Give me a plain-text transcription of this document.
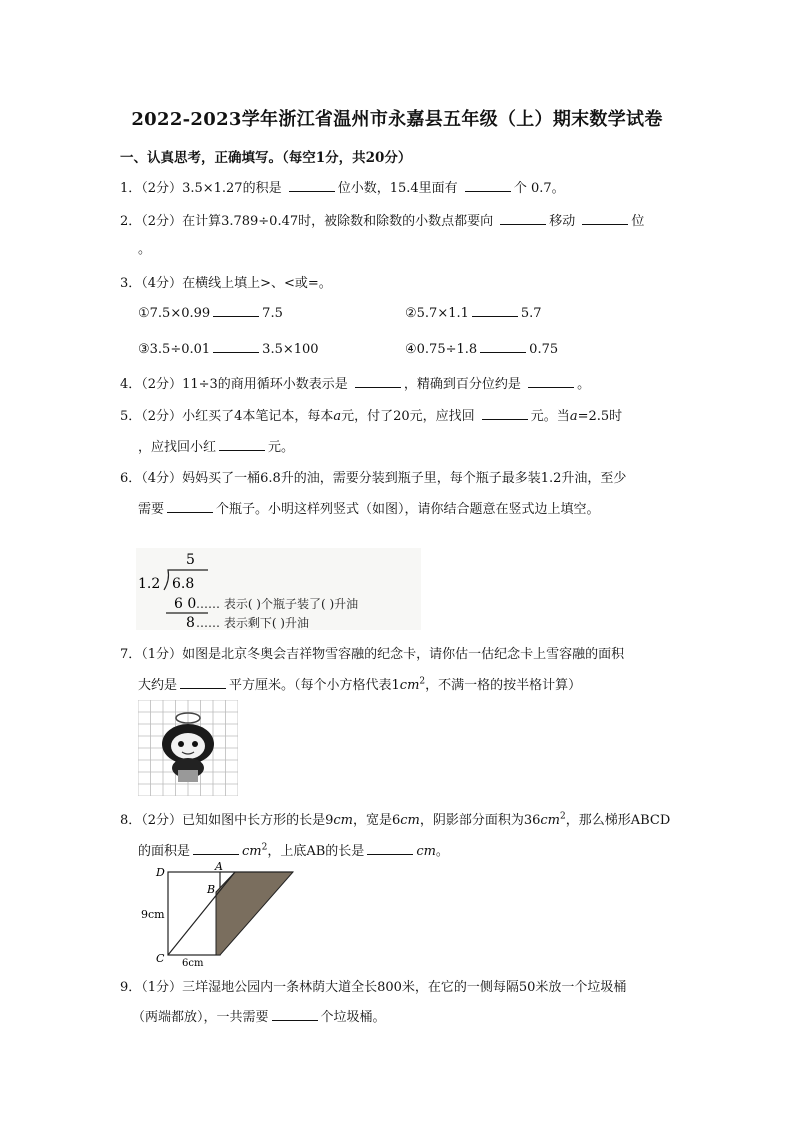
2022-2023学年浙江省温州市永嘉县五年级（上）期末数学试卷
一、认真思考，正确填写。（每空1分，共20分）
1．（2分）3.5×1.27的积是	位小数，15.4里面有	个 0.7。
2．（2分）在计算3.789÷0.47时，被除数和除数的小数点都要向	移动	位
。
3．（4分）在横线上填上>、<或=。
①7.5×0.99	7.5	②5.7×1.1	5.7
③3.5÷0.01	3.5×100	④0.75÷1.8	0.75
4．（2分）11÷3的商用循环小数表示是	，精确到百分位约是	。
5．（2分）小红买了4本笔记本，每本a元，付了20元，应找回	元。当a=2.5时
，应找回小红	元。
6．（4分）妈妈买了一桶6.8升的油，需要分装到瓶子里，每个瓶子最多装1.2升油，至少
需要	个瓶子。小明这样列竖式（如图），请你结合题意在竖式边上填空。
5
1.2 6.8
6 0 …… 表示( )个瓶子装了( )升油
8 …… 表示剩下( )升油
7．（1分）如图是北京冬奥会吉祥物雪容融的纪念卡，请你估一估纪念卡上雪容融的面积
大约是	平方厘米。（每个小方格代表$1cm^2$，不满一格的按半格计算）
8．（2分）已知如图中长方形的长是9cm，宽是6cm，阴影部分面积为$36cm^2$，那么梯形ABCD
的面积是	$cm^2$，上底AB的长是	cm。
D	A
B
C
9cm
6cm
9．（1分）三垟湿地公园内一条林荫大道全长800米，在它的一侧每隔50米放一个垃圾桶
（两端都放），一共需要	个垃圾桶。
